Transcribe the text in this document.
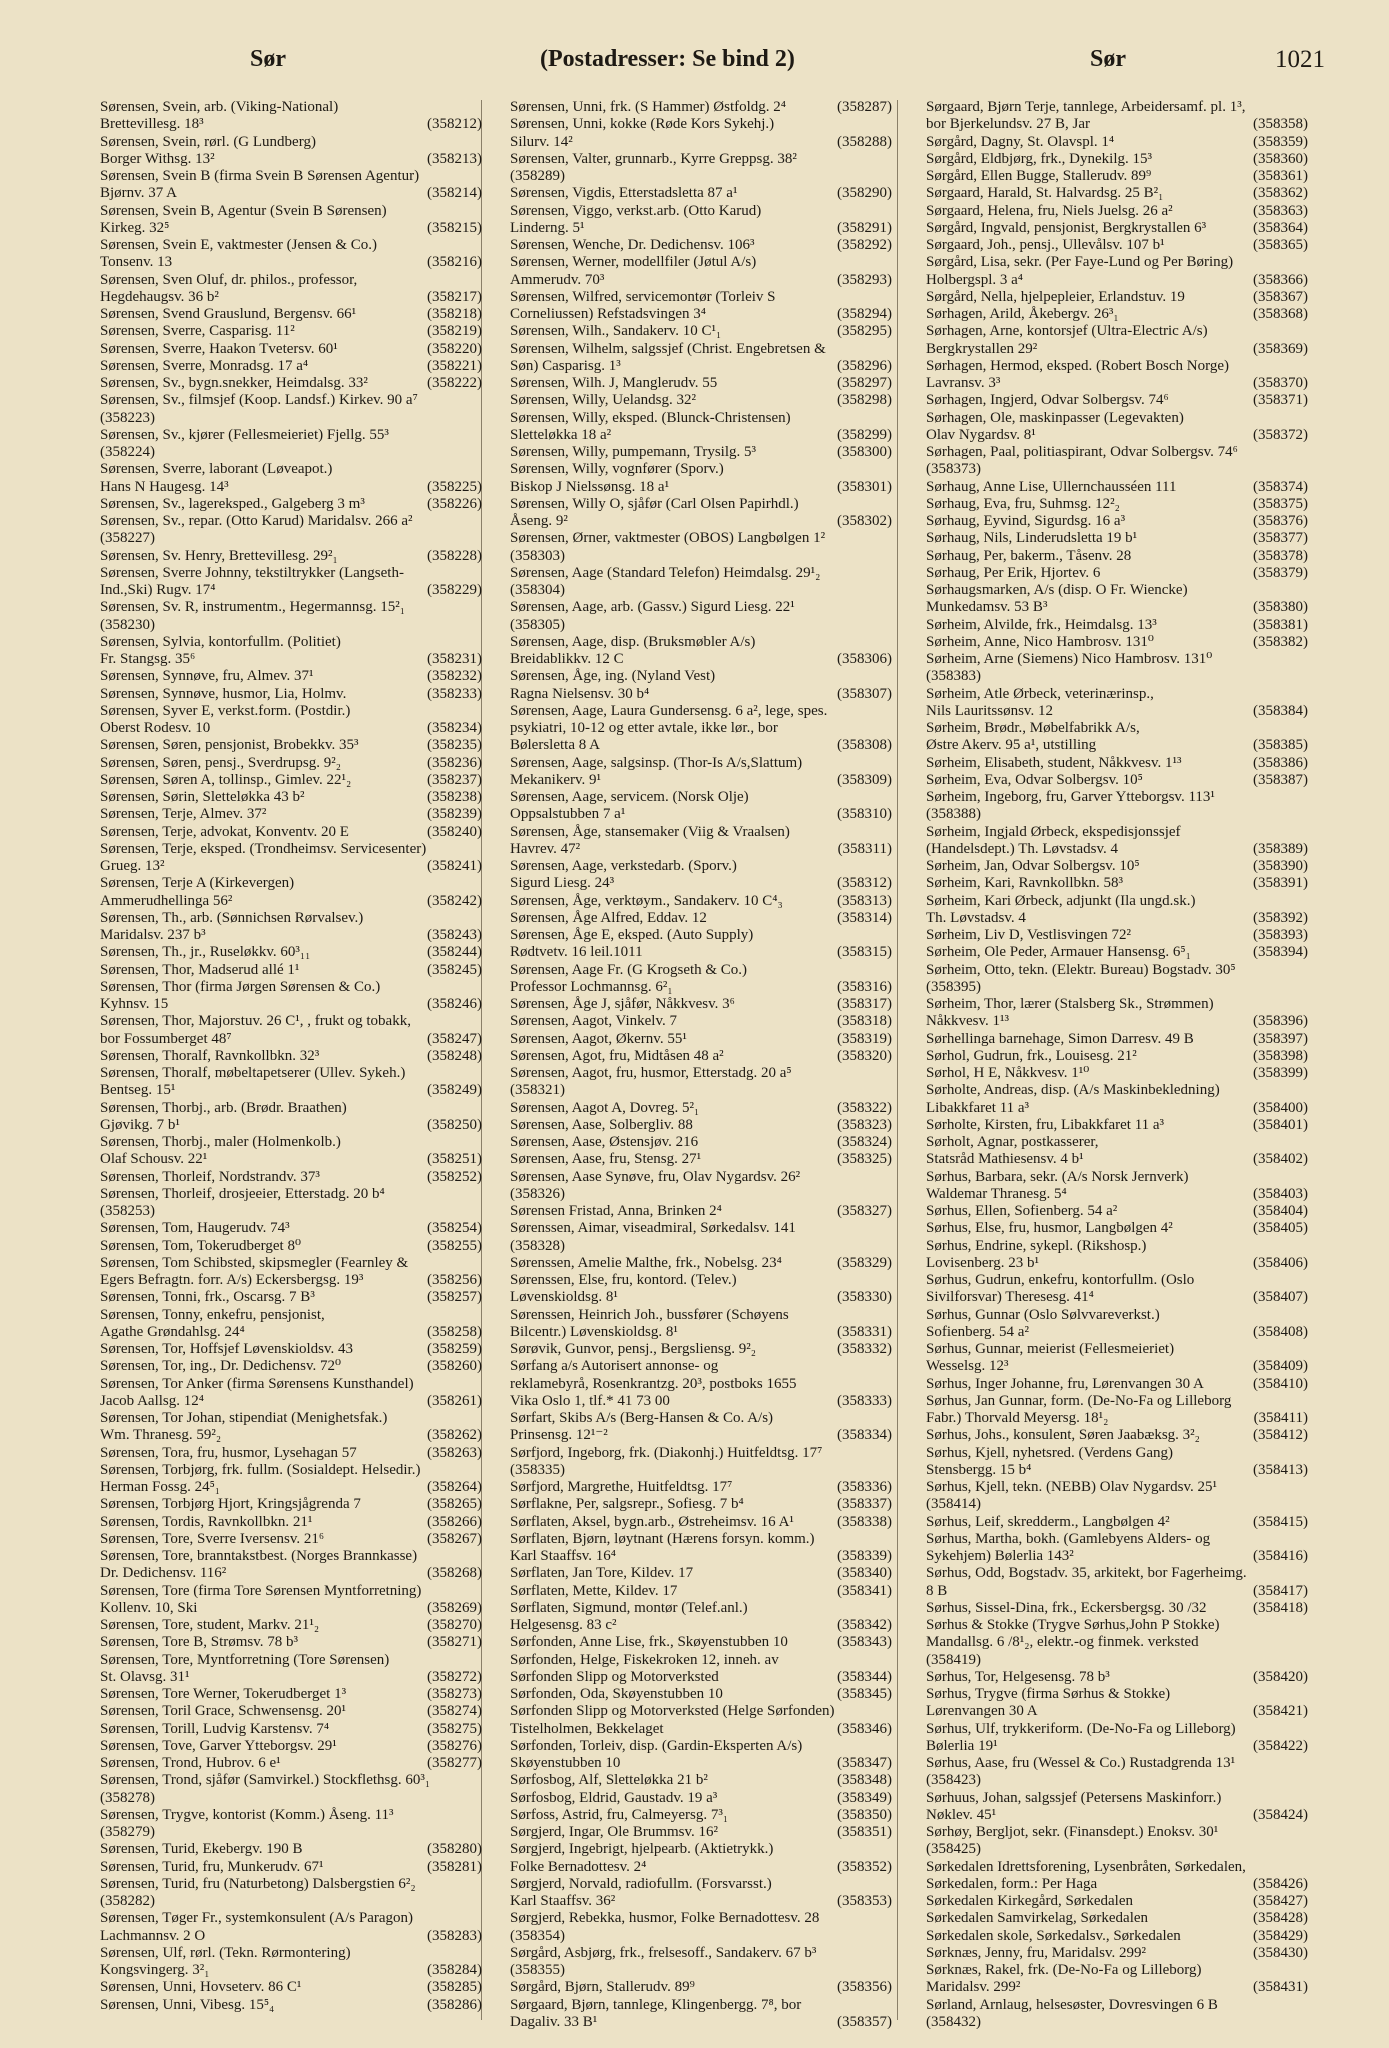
Sør	(Postadresser: Se bind 2)	Sør	1021
Sørensen, Svein, arb. (Viking-National)
Brettevillesg. 18³	(358212)
Sørensen, Svein, rørl. (G Lundberg)
Borger Withsg. 13²	(358213)
Sørensen, Svein B (firma Svein B Sørensen Agentur)
Bjørnv. 37 A	(358214)
Sørensen, Svein B, Agentur (Svein B Sørensen)
Kirkeg. 32⁵	(358215)
Sørensen, Svein E, vaktmester (Jensen & Co.)
Tonsenv. 13	(358216)
Sørensen, Sven Oluf, dr. philos., professor,
Hegdehaugsv. 36 b²	(358217)
Sørensen, Svend Grauslund, Bergensv. 66¹	(358218)
Sørensen, Sverre, Casparisg. 11²	(358219)
Sørensen, Sverre, Haakon Tvetersv. 60¹	(358220)
Sørensen, Sverre, Monradsg. 17 a⁴	(358221)
Sørensen, Sv., bygn.snekker, Heimdalsg. 33²	(358222)
Sørensen, Sv., filmsjef (Koop. Landsf.) Kirkev. 90 a⁷
(358223)
Sørensen, Sv., kjører (Fellesmeieriet) Fjellg. 55³
(358224)
Sørensen, Sverre, laborant (Løveapot.)
Hans N Haugesg. 14³	(358225)
Sørensen, Sv., lagereksped., Galgeberg 3 m³	(358226)
Sørensen, Sv., repar. (Otto Karud) Maridalsv. 266 a²
(358227)
Sørensen, Sv. Henry, Brettevillesg. 29²₁	(358228)
Sørensen, Sverre Johnny, tekstiltrykker (Langseth-
Ind.,Ski) Rugv. 17⁴	(358229)
Sørensen, Sv. R, instrumentm., Hegermannsg. 15²₁
(358230)
Sørensen, Sylvia, kontorfullm. (Politiet)
Fr. Stangsg. 35⁶	(358231)
Sørensen, Synnøve, fru, Almev. 37¹	(358232)
Sørensen, Synnøve, husmor, Lia, Holmv.	(358233)
Sørensen, Syver E, verkst.form. (Postdir.)
Oberst Rodesv. 10	(358234)
Sørensen, Søren, pensjonist, Brobekkv. 35³	(358235)
Sørensen, Søren, pensj., Sverdrupsg. 9²₂	(358236)
Sørensen, Søren A, tollinsp., Gimlev. 22¹₂	(358237)
Sørensen, Sørin, Sletteløkka 43 b²	(358238)
Sørensen, Terje, Almev. 37²	(358239)
Sørensen, Terje, advokat, Konventv. 20 E	(358240)
Sørensen, Terje, eksped. (Trondheimsv. Servicesenter)
Grueg. 13²	(358241)
Sørensen, Terje A (Kirkevergen)
Ammerudhellinga 56²	(358242)
Sørensen, Th., arb. (Sønnichsen Rørvalsev.)
Maridalsv. 237 b³	(358243)
Sørensen, Th., jr., Ruseløkkv. 60³₁₁	(358244)
Sørensen, Thor, Madserud allé 1¹	(358245)
Sørensen, Thor (firma Jørgen Sørensen & Co.)
Kyhnsv. 15	(358246)
Sørensen, Thor, Majorstuv. 26 C¹, , frukt og tobakk,
bor Fossumberget 48⁷	(358247)
Sørensen, Thoralf, Ravnkollbkn. 32³	(358248)
Sørensen, Thoralf, møbeltapetserer (Ullev. Sykeh.)
Bentseg. 15¹	(358249)
Sørensen, Thorbj., arb. (Brødr. Braathen)
Gjøvikg. 7 b¹	(358250)
Sørensen, Thorbj., maler (Holmenkolb.)
Olaf Schousv. 22¹	(358251)
Sørensen, Thorleif, Nordstrandv. 37³	(358252)
Sørensen, Thorleif, drosjeeier, Etterstadg. 20 b⁴
(358253)
Sørensen, Tom, Haugerudv. 74³	(358254)
Sørensen, Tom, Tokerudberget 8⁰	(358255)
Sørensen, Tom Schibsted, skipsmegler (Fearnley &
Egers Befragtn. forr. A/s) Eckersbergsg. 19³	(358256)
Sørensen, Tonni, frk., Oscarsg. 7 B³	(358257)
Sørensen, Tonny, enkefru, pensjonist,
Agathe Grøndahlsg. 24⁴	(358258)
Sørensen, Tor, Hoffsjef Løvenskioldsv. 43	(358259)
Sørensen, Tor, ing., Dr. Dedichensv. 72⁰	(358260)
Sørensen, Tor Anker (firma Sørensens Kunsthandel)
Jacob Aallsg. 12⁴	(358261)
Sørensen, Tor Johan, stipendiat (Menighetsfak.)
Wm. Thranesg. 59²₂	(358262)
Sørensen, Tora, fru, husmor, Lysehagan 57	(358263)
Sørensen, Torbjørg, frk. fullm. (Sosialdept. Helsedir.)
Herman Fossg. 24⁵₁	(358264)
Sørensen, Torbjørg Hjort, Kringsjågrenda 7	(358265)
Sørensen, Tordis, Ravnkollbkn. 21¹	(358266)
Sørensen, Tore, Sverre Iversensv. 21⁶	(358267)
Sørensen, Tore, branntakstbest. (Norges Brannkasse)
Dr. Dedichensv. 116²	(358268)
Sørensen, Tore (firma Tore Sørensen Myntforretning)
Kollenv. 10, Ski	(358269)
Sørensen, Tore, student, Markv. 21¹₂	(358270)
Sørensen, Tore B, Strømsv. 78 b³	(358271)
Sørensen, Tore, Myntforretning (Tore Sørensen)
St. Olavsg. 31¹	(358272)
Sørensen, Tore Werner, Tokerudberget 1³	(358273)
Sørensen, Toril Grace, Schwensensg. 20¹	(358274)
Sørensen, Torill, Ludvig Karstensv. 7⁴	(358275)
Sørensen, Tove, Garver Ytteborgsv. 29¹	(358276)
Sørensen, Trond, Hubrov. 6 e¹	(358277)
Sørensen, Trond, sjåfør (Samvirkel.) Stockflethsg. 60³₁
(358278)
Sørensen, Trygve, kontorist (Komm.) Åseng. 11³
(358279)
Sørensen, Turid, Ekebergv. 190 B	(358280)
Sørensen, Turid, fru, Munkerudv. 67¹	(358281)
Sørensen, Turid, fru (Naturbetong) Dalsbergstien 6²₂
(358282)
Sørensen, Tøger Fr., systemkonsulent (A/s Paragon)
Lachmannsv. 2 O	(358283)
Sørensen, Ulf, rørl. (Tekn. Rørmontering)
Kongsvingerg. 3²₁	(358284)
Sørensen, Unni, Hovseterv. 86 C¹	(358285)
Sørensen, Unni, Vibesg. 15⁵₄	(358286)
Sørensen, Unni, frk. (S Hammer) Østfoldg. 2⁴	(358287)
Sørensen, Unni, kokke (Røde Kors Sykehj.)
Silurv. 14²	(358288)
Sørensen, Valter, grunnarb., Kyrre Greppsg. 38²
(358289)
Sørensen, Vigdis, Etterstadsletta 87 a¹	(358290)
Sørensen, Viggo, verkst.arb. (Otto Karud)
Linderng. 5¹	(358291)
Sørensen, Wenche, Dr. Dedichensv. 106³	(358292)
Sørensen, Werner, modellfiler (Jøtul A/s)
Ammerudv. 70³	(358293)
Sørensen, Wilfred, servicemontør (Torleiv S
Corneliussen) Refstadsvingen 3⁴	(358294)
Sørensen, Wilh., Sandakerv. 10 C¹₁	(358295)
Sørensen, Wilhelm, salgssjef (Christ. Engebretsen &
Søn) Casparisg. 1³	(358296)
Sørensen, Wilh. J, Manglerudv. 55	(358297)
Sørensen, Willy, Uelandsg. 32²	(358298)
Sørensen, Willy, eksped. (Blunck-Christensen)
Sletteløkka 18 a²	(358299)
Sørensen, Willy, pumpemann, Trysilg. 5³	(358300)
Sørensen, Willy, vognfører (Sporv.)
Biskop J Nielssønsg. 18 a¹	(358301)
Sørensen, Willy O, sjåfør (Carl Olsen Papirhdl.)
Åseng. 9²	(358302)
Sørensen, Ørner, vaktmester (OBOS) Langbølgen 1²
(358303)
Sørensen, Aage (Standard Telefon) Heimdalsg. 29¹₂
(358304)
Sørensen, Aage, arb. (Gassv.) Sigurd Liesg. 22¹
(358305)
Sørensen, Aage, disp. (Bruksmøbler A/s)
Breidablikkv. 12 C	(358306)
Sørensen, Åge, ing. (Nyland Vest)
Ragna Nielsensv. 30 b⁴	(358307)
Sørensen, Aage, Laura Gundersensg. 6 a², lege, spes.
psykiatri, 10-12 og etter avtale, ikke lør., bor
Bølersletta 8 A	(358308)
Sørensen, Aage, salgsinsp. (Thor-Is A/s,Slattum)
Mekanikerv. 9¹	(358309)
Sørensen, Aage, servicem. (Norsk Olje)
Oppsalstubben 7 a¹	(358310)
Sørensen, Åge, stansemaker (Viig & Vraalsen)
Havrev. 47²	(358311)
Sørensen, Aage, verkstedarb. (Sporv.)
Sigurd Liesg. 24³	(358312)
Sørensen, Åge, verktøym., Sandakerv. 10 C⁴₃	(358313)
Sørensen, Åge Alfred, Eddav. 12	(358314)
Sørensen, Åge E, eksped. (Auto Supply)
Rødtvetv. 16 leil.1011	(358315)
Sørensen, Aage Fr. (G Krogseth & Co.)
Professor Lochmannsg. 6²₁	(358316)
Sørensen, Åge J, sjåfør, Nåkkvesv. 3⁶	(358317)
Sørensen, Aagot, Vinkelv. 7	(358318)
Sørensen, Aagot, Økernv. 55¹	(358319)
Sørensen, Agot, fru, Midtåsen 48 a²	(358320)
Sørensen, Aagot, fru, husmor, Etterstadg. 20 a⁵
(358321)
Sørensen, Aagot A, Dovreg. 5²₁	(358322)
Sørensen, Aase, Solbergliv. 88	(358323)
Sørensen, Aase, Østensjøv. 216	(358324)
Sørensen, Aase, fru, Stensg. 27¹	(358325)
Sørensen, Aase Synøve, fru, Olav Nygardsv. 26²
(358326)
Sørensen Fristad, Anna, Brinken 2⁴	(358327)
Sørenssen, Aimar, viseadmiral, Sørkedalsv. 141
(358328)
Sørenssen, Amelie Malthe, frk., Nobelsg. 23⁴	(358329)
Sørenssen, Else, fru, kontord. (Telev.)
Løvenskioldsg. 8¹	(358330)
Sørenssen, Heinrich Joh., bussfører (Schøyens
Bilcentr.) Løvenskioldsg. 8¹	(358331)
Sørøvik, Gunvor, pensj., Bergsliensg. 9²₂	(358332)
Sørfang a/s Autorisert annonse- og
reklamebyrå, Rosenkrantzg. 20³, postboks 1655
Vika Oslo 1, tlf.* 41 73 00	(358333)
Sørfart, Skibs A/s (Berg-Hansen & Co. A/s)
Prinsensg. 12¹⁻²	(358334)
Sørfjord, Ingeborg, frk. (Diakonhj.) Huitfeldtsg. 17⁷
(358335)
Sørfjord, Margrethe, Huitfeldtsg. 17⁷	(358336)
Sørflakne, Per, salgsrepr., Sofiesg. 7 b⁴	(358337)
Sørflaten, Aksel, bygn.arb., Østreheimsv. 16 A¹	(358338)
Sørflaten, Bjørn, løytnant (Hærens forsyn. komm.)
Karl Staaffsv. 16⁴	(358339)
Sørflaten, Jan Tore, Kildev. 17	(358340)
Sørflaten, Mette, Kildev. 17	(358341)
Sørflaten, Sigmund, montør (Telef.anl.)
Helgesensg. 83 c²	(358342)
Sørfonden, Anne Lise, frk., Skøyenstubben 10	(358343)
Sørfonden, Helge, Fiskekroken 12, inneh. av
Sørfonden Slipp og Motorverksted	(358344)
Sørfonden, Oda, Skøyenstubben 10	(358345)
Sørfonden Slipp og Motorverksted (Helge Sørfonden)
Tistelholmen, Bekkelaget	(358346)
Sørfonden, Torleiv, disp. (Gardin-Eksperten A/s)
Skøyenstubben 10	(358347)
Sørfosbog, Alf, Sletteløkka 21 b²	(358348)
Sørfosbog, Eldrid, Gaustadv. 19 a³	(358349)
Sørfoss, Astrid, fru, Calmeyersg. 7³₁	(358350)
Sørgjerd, Ingar, Ole Brummsv. 16²	(358351)
Sørgjerd, Ingebrigt, hjelpearb. (Aktietrykk.)
Folke Bernadottesv. 2⁴	(358352)
Sørgjerd, Norvald, radiofullm. (Forsvarsst.)
Karl Staaffsv. 36²	(358353)
Sørgjerd, Rebekka, husmor, Folke Bernadottesv. 28
(358354)
Sørgård, Asbjørg, frk., frelsesoff., Sandakerv. 67 b³
(358355)
Sørgård, Bjørn, Stallerudv. 89⁹	(358356)
Sørgaard, Bjørn, tannlege, Klingenbergg. 7⁸, bor
Dagaliv. 33 B¹	(358357)
Sørgaard, Bjørn Terje, tannlege, Arbeidersamf. pl. 1³,
bor Bjerkelundsv. 27 B, Jar	(358358)
Sørgård, Dagny, St. Olavspl. 1⁴	(358359)
Sørgård, Eldbjørg, frk., Dynekilg. 15³	(358360)
Sørgård, Ellen Bugge, Stallerudv. 89⁹	(358361)
Sørgaard, Harald, St. Halvardsg. 25 B²₁	(358362)
Sørgaard, Helena, fru, Niels Juelsg. 26 a²	(358363)
Sørgård, Ingvald, pensjonist, Bergkrystallen 6³	(358364)
Sørgaard, Joh., pensj., Ullevålsv. 107 b¹	(358365)
Sørgård, Lisa, sekr. (Per Faye-Lund og Per Børing)
Holbergspl. 3 a⁴	(358366)
Sørgård, Nella, hjelpepleier, Erlandstuv. 19	(358367)
Sørhagen, Arild, Åkebergv. 26³₁	(358368)
Sørhagen, Arne, kontorsjef (Ultra-Electric A/s)
Bergkrystallen 29²	(358369)
Sørhagen, Hermod, eksped. (Robert Bosch Norge)
Lavransv. 3³	(358370)
Sørhagen, Ingjerd, Odvar Solbergsv. 74⁶	(358371)
Sørhagen, Ole, maskinpasser (Legevakten)
Olav Nygardsv. 8¹	(358372)
Sørhagen, Paal, politiaspirant, Odvar Solbergsv. 74⁶
(358373)
Sørhaug, Anne Lise, Ullernchausséen 111	(358374)
Sørhaug, Eva, fru, Suhmsg. 12²₂	(358375)
Sørhaug, Eyvind, Sigurdsg. 16 a³	(358376)
Sørhaug, Nils, Linderudsletta 19 b¹	(358377)
Sørhaug, Per, bakerm., Tåsenv. 28	(358378)
Sørhaug, Per Erik, Hjortev. 6	(358379)
Sørhaugsmarken, A/s (disp. O Fr. Wiencke)
Munkedamsv. 53 B³	(358380)
Sørheim, Alvilde, frk., Heimdalsg. 13³	(358381)
Sørheim, Anne, Nico Hambrosv. 131⁰	(358382)
Sørheim, Arne (Siemens) Nico Hambrosv. 131⁰
(358383)
Sørheim, Atle Ørbeck, veterinærinsp.,
Nils Lauritssønsv. 12	(358384)
Sørheim, Brødr., Møbelfabrikk A/s,
Østre Akerv. 95 a¹, utstilling	(358385)
Sørheim, Elisabeth, student, Nåkkvesv. 1¹³	(358386)
Sørheim, Eva, Odvar Solbergsv. 10⁵	(358387)
Sørheim, Ingeborg, fru, Garver Ytteborgsv. 113¹
(358388)
Sørheim, Ingjald Ørbeck, ekspedisjonssjef
(Handelsdept.) Th. Løvstadsv. 4	(358389)
Sørheim, Jan, Odvar Solbergsv. 10⁵	(358390)
Sørheim, Kari, Ravnkollbkn. 58³	(358391)
Sørheim, Kari Ørbeck, adjunkt (Ila ungd.sk.)
Th. Løvstadsv. 4	(358392)
Sørheim, Liv D, Vestlisvingen 72²	(358393)
Sørheim, Ole Peder, Armauer Hansensg. 6⁵₁	(358394)
Sørheim, Otto, tekn. (Elektr. Bureau) Bogstadv. 30⁵
(358395)
Sørheim, Thor, lærer (Stalsberg Sk., Strømmen)
Nåkkvesv. 1¹³	(358396)
Sørhellinga barnehage, Simon Darresv. 49 B	(358397)
Sørhol, Gudrun, frk., Louisesg. 21²	(358398)
Sørhol, H E, Nåkkvesv. 1¹⁰	(358399)
Sørholte, Andreas, disp. (A/s Maskinbekledning)
Libakkfaret 11 a³	(358400)
Sørholte, Kirsten, fru, Libakkfaret 11 a³	(358401)
Sørholt, Agnar, postkasserer,
Statsråd Mathiesensv. 4 b¹	(358402)
Sørhus, Barbara, sekr. (A/s Norsk Jernverk)
Waldemar Thranesg. 5⁴	(358403)
Sørhus, Ellen, Sofienberg. 54 a²	(358404)
Sørhus, Else, fru, husmor, Langbølgen 4²	(358405)
Sørhus, Endrine, sykepl. (Rikshosp.)
Lovisenberg. 23 b¹	(358406)
Sørhus, Gudrun, enkefru, kontorfullm. (Oslo
Sivilforsvar) Theresesg. 41⁴	(358407)
Sørhus, Gunnar (Oslo Sølvvareverkst.)
Sofienberg. 54 a²	(358408)
Sørhus, Gunnar, meierist (Fellesmeieriet)
Wesselsg. 12³	(358409)
Sørhus, Inger Johanne, fru, Lørenvangen 30 A	(358410)
Sørhus, Jan Gunnar, form. (De-No-Fa og Lilleborg
Fabr.) Thorvald Meyersg. 18¹₂	(358411)
Sørhus, Johs., konsulent, Søren Jaabæksg. 3²₂	(358412)
Sørhus, Kjell, nyhetsred. (Verdens Gang)
Stensbergg. 15 b⁴	(358413)
Sørhus, Kjell, tekn. (NEBB) Olav Nygardsv. 25¹
(358414)
Sørhus, Leif, skredderm., Langbølgen 4²	(358415)
Sørhus, Martha, bokh. (Gamlebyens Alders- og
Sykehjem) Bølerlia 143²	(358416)
Sørhus, Odd, Bogstadv. 35, arkitekt, bor Fagerheimg.
8 B	(358417)
Sørhus, Sissel-Dina, frk., Eckersbergsg. 30 /32	(358418)
Sørhus & Stokke (Trygve Sørhus,John P Stokke)
Mandallsg. 6 /8¹₂, elektr.-og finmek. verksted
(358419)
Sørhus, Tor, Helgesensg. 78 b³	(358420)
Sørhus, Trygve (firma Sørhus & Stokke)
Lørenvangen 30 A	(358421)
Sørhus, Ulf, trykkeriform. (De-No-Fa og Lilleborg)
Bølerlia 19¹	(358422)
Sørhus, Aase, fru (Wessel & Co.) Rustadgrenda 13¹
(358423)
Sørhuus, Johan, salgssjef (Petersens Maskinforr.)
Nøklev. 45¹	(358424)
Sørhøy, Bergljot, sekr. (Finansdept.) Enoksv. 30¹
(358425)
Sørkedalen Idrettsforening, Lysenbråten, Sørkedalen,
Sørkedalen, form.: Per Haga	(358426)
Sørkedalen Kirkegård, Sørkedalen	(358427)
Sørkedalen Samvirkelag, Sørkedalen	(358428)
Sørkedalen skole, Sørkedalsv., Sørkedalen	(358429)
Sørknæs, Jenny, fru, Maridalsv. 299²	(358430)
Sørknæs, Rakel, frk. (De-No-Fa og Lilleborg)
Maridalsv. 299²	(358431)
Sørland, Arnlaug, helsesøster, Dovresvingen 6 B
(358432)
